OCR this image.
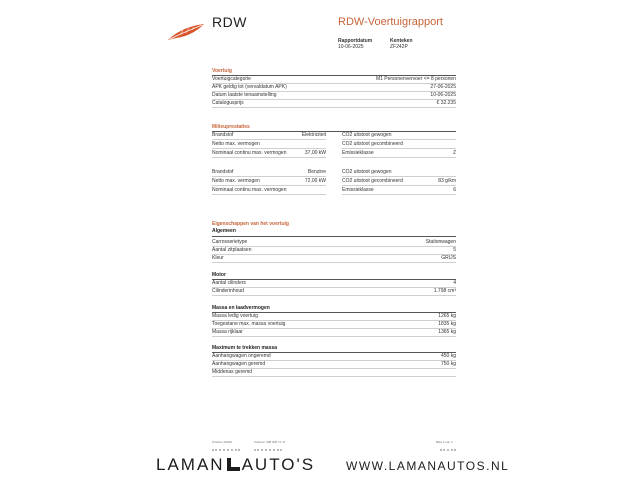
RDW	RDW-Voertuigrapport
Rapportdatum
10-06-2025
Kenteken
ZF242P
Voertuig
Voertuigcategorie	M1 Personenvervoer <= 8 personen
APK geldig tot (vervaldatum APK)	27-06-2025
Datum laatste tenaamstelling	10-06-2025
Catalogusprijs	€ 32.235
Milieuprestaties
Brandstof	Elektriciteit
Netto max. vermogen
Nominaal continu max. vermogen	37,00 kW
CO2 uitstoot gewogen
CO2 uitstoot gecombineerd
Emissieklasse	Z
Brandstof	Benzine
Netto max. vermogen	72,00 kW
Nominaal continu max. vermogen
CO2 uitstoot gewogen
CO2 uitstoot gecombineerd	83 g/km
Emissieklasse	6
Eigenschappen van het voertuig
Algemeen
Carrosserietype	Stationwagen
Aantal zitplaatsen	5
Kleur	GRIJS
Motor
Aantal cilinders	4
Cilinderinhoud	1.798 cm³
Massa en laadvermogen
Massa ledig voertuig	1265 kg
Toegestane max. massa voertuig	1835 kg
Massa rijklaar	1365 kg
Maximum te trekken massa
Aanhangwagen ongeremd	450 kg
Aanhangwagen geremd	750 kg
Middenas geremd
Postbus 30000	Telefoon 088 008 74 47	Blad 2 van 3
LAMAN AUTO'S	WWW.LAMANAUTOS.NL
